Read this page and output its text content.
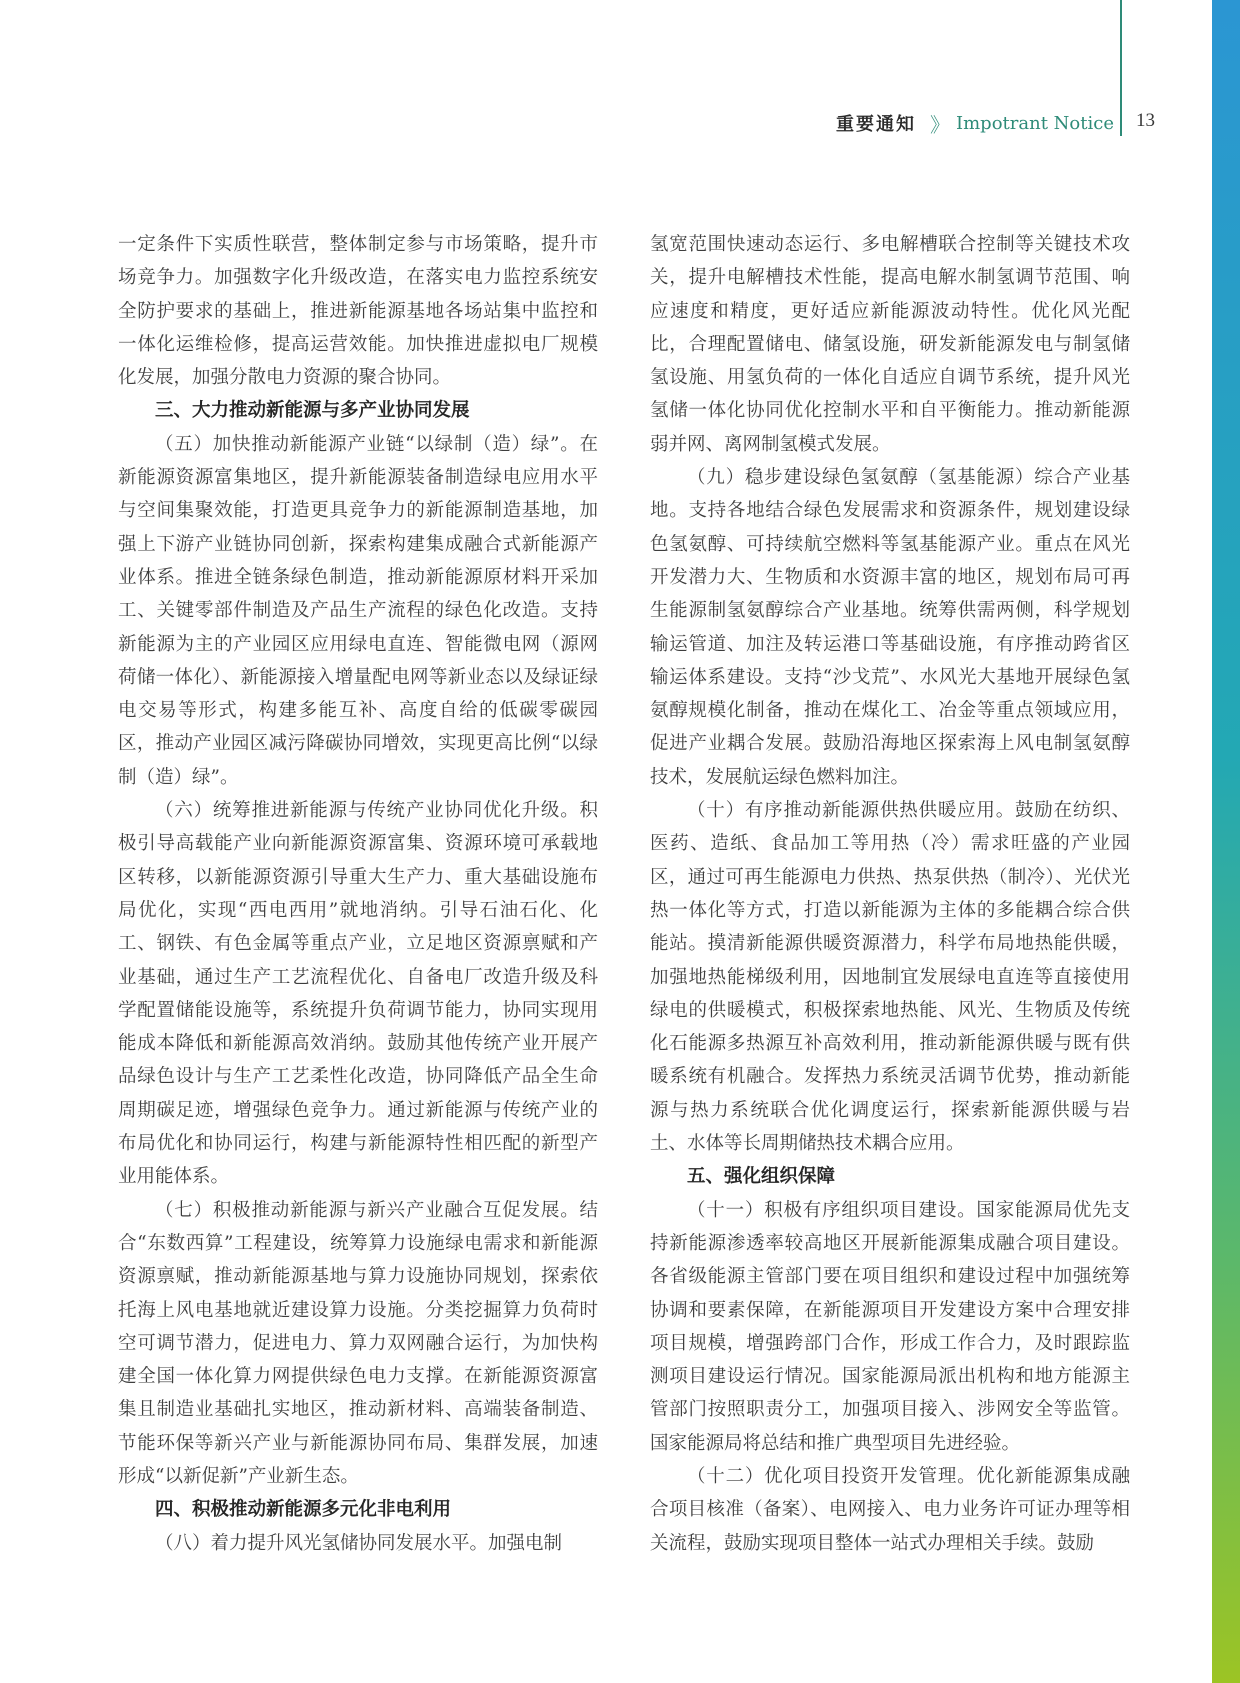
重要通知 》 Impotrant Notice 13

一定条件下实质性联营，整体制定参与市场策略，提升市场竞争力。加强数字化升级改造，在落实电力监控系统安全防护要求的基础上，推进新能源基地各场站集中监控和一体化运维检修，提高运营效能。加快推进虚拟电厂规模化发展，加强分散电力资源的聚合协同。

三、大力推动新能源与多产业协同发展

（五）加快推动新能源产业链“以绿制（造）绿”。在新能源资源富集地区，提升新能源装备制造绿电应用水平与空间集聚效能，打造更具竞争力的新能源制造基地，加强上下游产业链协同创新，探索构建集成融合式新能源产业体系。推进全链条绿色制造，推动新能源原材料开采加工、关键零部件制造及产品生产流程的绿色化改造。支持新能源为主的产业园区应用绿电直连、智能微电网（源网荷储一体化）、新能源接入增量配电网等新业态以及绿证绿电交易等形式，构建多能互补、高度自给的低碳零碳园区，推动产业园区减污降碳协同增效，实现更高比例“以绿制（造）绿”。

（六）统筹推进新能源与传统产业协同优化升级。积极引导高载能产业向新能源资源富集、资源环境可承载地区转移，以新能源资源引导重大生产力、重大基础设施布局优化，实现“西电西用”就地消纳。引导石油石化、化工、钢铁、有色金属等重点产业，立足地区资源禀赋和产业基础，通过生产工艺流程优化、自备电厂改造升级及科学配置储能设施等，系统提升负荷调节能力，协同实现用能成本降低和新能源高效消纳。鼓励其他传统产业开展产品绿色设计与生产工艺柔性化改造，协同降低产品全生命周期碳足迹，增强绿色竞争力。通过新能源与传统产业的布局优化和协同运行，构建与新能源特性相匹配的新型产业用能体系。

（七）积极推动新能源与新兴产业融合互促发展。结合“东数西算”工程建设，统筹算力设施绿电需求和新能源资源禀赋，推动新能源基地与算力设施协同规划，探索依托海上风电基地就近建设算力设施。分类挖掘算力负荷时空可调节潜力，促进电力、算力双网融合运行，为加快构建全国一体化算力网提供绿色电力支撑。在新能源资源富集且制造业基础扎实地区，推动新材料、高端装备制造、节能环保等新兴产业与新能源协同布局、集群发展，加速形成“以新促新”产业新生态。

四、积极推动新能源多元化非电利用

（八）着力提升风光氢储协同发展水平。加强电制

氢宽范围快速动态运行、多电解槽联合控制等关键技术攻关，提升电解槽技术性能，提高电解水制氢调节范围、响应速度和精度，更好适应新能源波动特性。优化风光配比，合理配置储电、储氢设施，研发新能源发电与制氢储氢设施、用氢负荷的一体化自适应自调节系统，提升风光氢储一体化协同优化控制水平和自平衡能力。推动新能源弱并网、离网制氢模式发展。

（九）稳步建设绿色氢氨醇（氢基能源）综合产业基地。支持各地结合绿色发展需求和资源条件，规划建设绿色氢氨醇、可持续航空燃料等氢基能源产业。重点在风光开发潜力大、生物质和水资源丰富的地区，规划布局可再生能源制氢氨醇综合产业基地。统筹供需两侧，科学规划输运管道、加注及转运港口等基础设施，有序推动跨省区输运体系建设。支持“沙戈荒”、水风光大基地开展绿色氢氨醇规模化制备，推动在煤化工、冶金等重点领域应用，促进产业耦合发展。鼓励沿海地区探索海上风电制氢氨醇技术，发展航运绿色燃料加注。

（十）有序推动新能源供热供暖应用。鼓励在纺织、医药、造纸、食品加工等用热（冷）需求旺盛的产业园区，通过可再生能源电力供热、热泵供热（制冷）、光伏光热一体化等方式，打造以新能源为主体的多能耦合综合供能站。摸清新能源供暖资源潜力，科学布局地热能供暖，加强地热能梯级利用，因地制宜发展绿电直连等直接使用绿电的供暖模式，积极探索地热能、风光、生物质及传统化石能源多热源互补高效利用，推动新能源供暖与既有供暖系统有机融合。发挥热力系统灵活调节优势，推动新能源与热力系统联合优化调度运行，探索新能源供暖与岩土、水体等长周期储热技术耦合应用。

五、强化组织保障

（十一）积极有序组织项目建设。国家能源局优先支持新能源渗透率较高地区开展新能源集成融合项目建设。各省级能源主管部门要在项目组织和建设过程中加强统筹协调和要素保障，在新能源项目开发建设方案中合理安排项目规模，增强跨部门合作，形成工作合力，及时跟踪监测项目建设运行情况。国家能源局派出机构和地方能源主管部门按照职责分工，加强项目接入、涉网安全等监管。国家能源局将总结和推广典型项目先进经验。

（十二）优化项目投资开发管理。优化新能源集成融合项目核准（备案）、电网接入、电力业务许可证办理等相关流程，鼓励实现项目整体一站式办理相关手续。鼓励
